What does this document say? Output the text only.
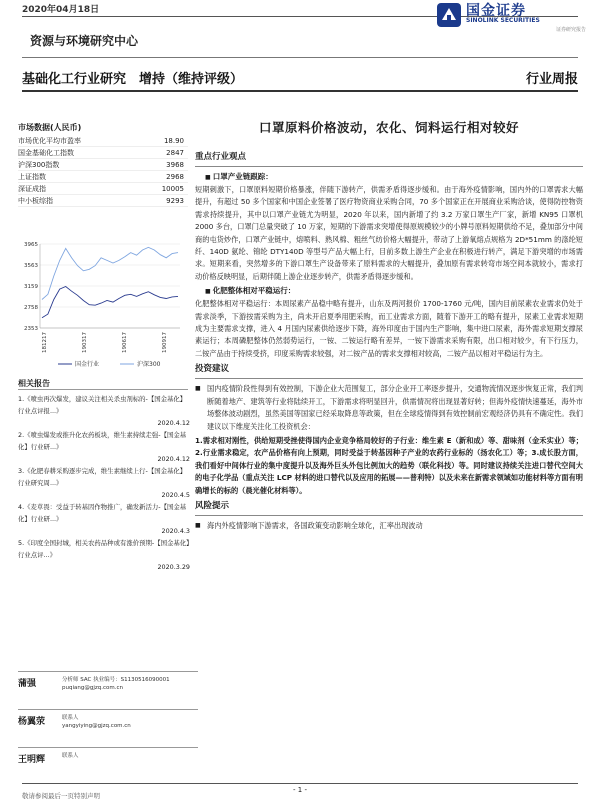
2020年04月18日	国金证券
SINOLINK SECURITIES
证券研究报告
资源与环境研究中心
基础化工行业研究　增持（维持评级）	行业周报
市场数据(人民币)
市场优化平均市盈率	18.90
国金基础化工指数	2847
沪深300指数	3968
上证指数	2968
深证成指	10005
中小板综指	9293
3965
3563
3159
2758
2353
181217	190317	190617	190917
国金行业	沪深300
相关报告
1.《喷虫再次爆发，建议关注相关杀虫剂标的-【国金基化】行业点评报...》
2020.4.12
2.《喷虫爆发或推升化农药板块，维生素持续走强-【国金基化】行业研...》
2020.4.12
3.《化肥春耕采购逐步完成，维生素继续上行-【国金基化】行业研究周...》
2020.4.5
4.《麦草畏：受益于转基因作物推广，确发新活力-【国金基化】行业研...》
2020.4.3
5.《印度全国封城，相关农药品种或有涨价预期-【国金基化】行业点评...》
2020.3.29
蒲强	分析师 SAC 执业编号：S1130516090001
puqiang@gjzq.com.cn
杨翼荥	联系人
yangyiying@gjzq.com.cn
王明辉	联系人
口罩原料价格波动，农化、饲料运行相对较好
重点行业观点
■ 口罩产业链跟踪：
短期刺激下，口罩原料短期价格暴涨，伴随下游转产，供需矛盾得逐步缓和。由于海外疫情影响，国内外的口罩需求大幅提升，有超过 50 多个国家和中国企业签署了医疗物资商业采购合同，70 多个国家正在开展商业采购洽谈，使得防控物资需求持续提升，其中以口罩产业链尤为明显，2020 年以来，国内新增了约 3.2 万家口罩生产厂家，新增 KN95 口罩机 2000 多台，口罩门总量突破了 10 万家，短期的下游需求突增使得原规模较少的小牌号原料短期供给不足，叠加部分中间商的屯货炒作，口罩产业链中，熔喷料、熟风棉、粗丝气纺价格大幅提升，带动了上游氧熔点规格为 2D*51mm 的涤纶短纤、140D 氨纶、锦纶 DTY140D 等型号产品大幅上行，目前多数上游生产企业在积极进行转产，满足下游突增的市场需求。短期来看，突然增多的下游口罩生产设备带来了原料需求的大幅提升，叠加原有需求转弯市场空间本就较小，需求打动价格反映明显，后期伴随上游企业逐步转产，供需矛盾得逐步缓和。
■ 化肥整体相对平稳运行：
化肥整体相对平稳运行：本周尿素产品稳中略有提升，山东及两河报价 1700-1760 元/吨，国内目前尿素农业需求仍处于需求淡季，下游按需采购为主，尚未开启夏季用肥采购，而工业需求方面，随着下游开工的略有提升，尿素工业需求短期成为主要需求支撑，进入 4 月国内尿素供给逐步下降，海外印度由于国内生产影响，集中进口尿素，海外需求短期支撑尿素运行；本周磷肥整体仍然弱势运行，一铵、二铵运行略有差异，一铵下游需求采购有限，出口相对较少，有下行压力，二铵产品由于持续受挤，印度采购需求较强，对二铵产品的需求支撑相对较高，二铵产品以相对平稳运行为主。
投资建议
■ 国内疫情阶段性得到有效控制，下游企业大范围复工，部分企业开工率逐步提升，交通物流情况逐步恢复正常，我们判断随着地产、建筑等行业将陆续开工，下游需求将明显回升，供需情况将出现显著好转；但海外疫情快速蔓延，海外市场整体波动剧烈，虽然美国等国家已经采取降息等政策，但在全球疫情得到有效控制前宏观经济仍具有不确定性。我们建议以下维度关注化工投资机会：
1.需求相对刚性，供给短期受挫使得国内企业竞争格局较好的子行业：维生素 E（新和成）等、甜味剂（金禾实业）等；2.行业需求稳定，农产品价格有向上预期，同时受益于转基因种子产业的农药行业标的（扬农化工）等；3.成长股方面，我们看好中间体行业的集中度提升以及海外巨头外包比例加大的趋势（联化科技）等。同时建议持续关注进口替代空间大的电子化学品（重点关注 LCP 材料的进口替代以及应用的拓展——普利特）以及未来在新需求领域如功能材料等方面有明确增长的标的（晨光催化材料等）。
风险提示
■ 海内外疫情影响下游需求，各国政策变动影响全球化，汇率出现波动
- 1 -
敬请参阅最后一页特别声明
